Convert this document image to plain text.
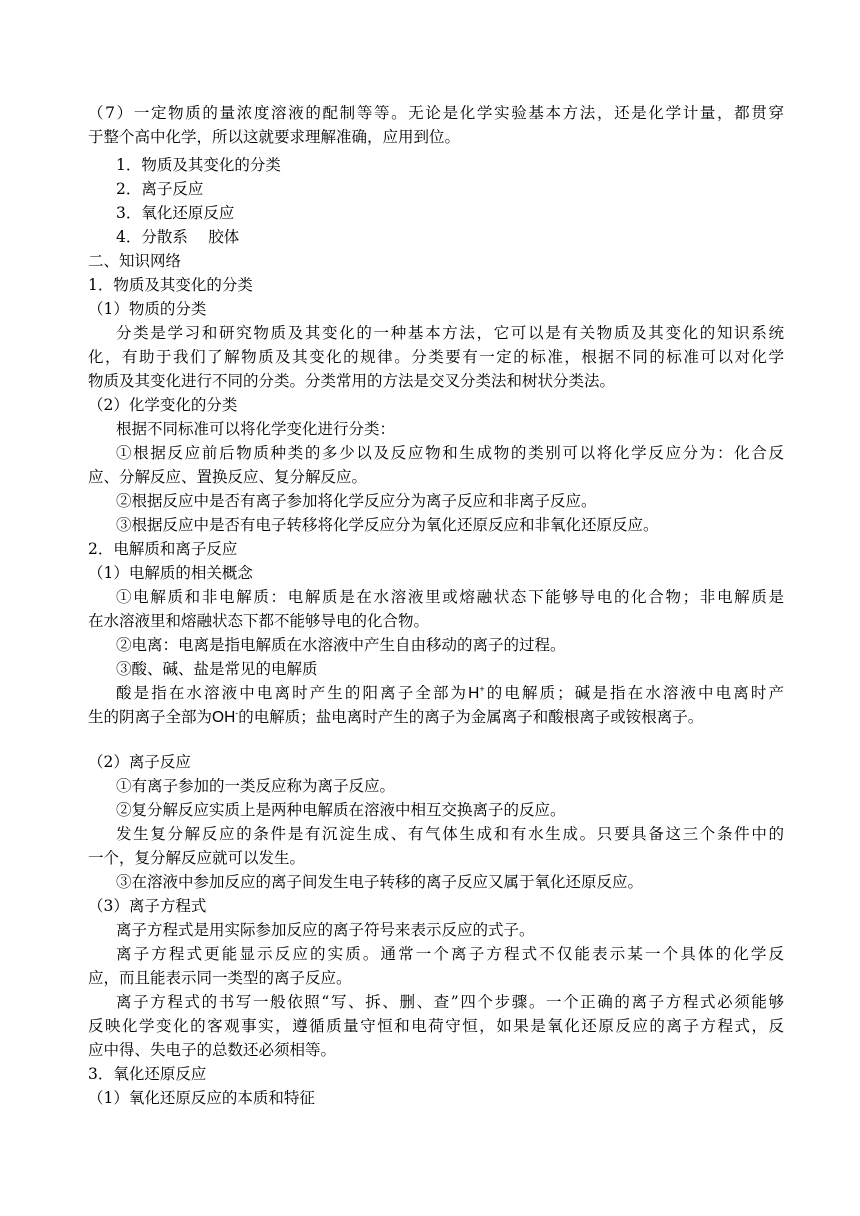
（7）一定物质的量浓度溶液的配制等等。无论是化学实验基本方法，还是化学计量，都贯穿
于整个高中化学，所以这就要求理解准确，应用到位。
1．物质及其变化的分类
2．离子反应
3．氧化还原反应
4．分散系　 胶体
二、知识网络
1．物质及其变化的分类
（1）物质的分类
分类是学习和研究物质及其变化的一种基本方法，它可以是有关物质及其变化的知识系统
化，有助于我们了解物质及其变化的规律。分类要有一定的标准，根据不同的标准可以对化学
物质及其变化进行不同的分类。分类常用的方法是交叉分类法和树状分类法。
（2）化学变化的分类
根据不同标准可以将化学变化进行分类：
①根据反应前后物质种类的多少以及反应物和生成物的类别可以将化学反应分为：化合反
应、分解反应、置换反应、复分解反应。
②根据反应中是否有离子参加将化学反应分为离子反应和非离子反应。
③根据反应中是否有电子转移将化学反应分为氧化还原反应和非氧化还原反应。
2．电解质和离子反应
（1）电解质的相关概念
①电解质和非电解质：电解质是在水溶液里或熔融状态下能够导电的化合物；非电解质是
在水溶液里和熔融状态下都不能够导电的化合物。
②电离：电离是指电解质在水溶液中产生自由移动的离子的过程。
③酸、碱、盐是常见的电解质
酸是指在水溶液中电离时产生的阳离子全部为H+的电解质；碱是指在水溶液中电离时产
生的阴离子全部为OH-的电解质；盐电离时产生的离子为金属离子和酸根离子或铵根离子。
（2）离子反应
①有离子参加的一类反应称为离子反应。
②复分解反应实质上是两种电解质在溶液中相互交换离子的反应。
发生复分解反应的条件是有沉淀生成、有气体生成和有水生成。只要具备这三个条件中的
一个，复分解反应就可以发生。
③在溶液中参加反应的离子间发生电子转移的离子反应又属于氧化还原反应。
（3）离子方程式
离子方程式是用实际参加反应的离子符号来表示反应的式子。
离子方程式更能显示反应的实质。通常一个离子方程式不仅能表示某一个具体的化学反
应，而且能表示同一类型的离子反应。
离子方程式的书写一般依照“写、拆、删、查”四个步骤。一个正确的离子方程式必须能够
反映化学变化的客观事实，遵循质量守恒和电荷守恒，如果是氧化还原反应的离子方程式，反
应中得、失电子的总数还必须相等。
3．氧化还原反应
（1）氧化还原反应的本质和特征
